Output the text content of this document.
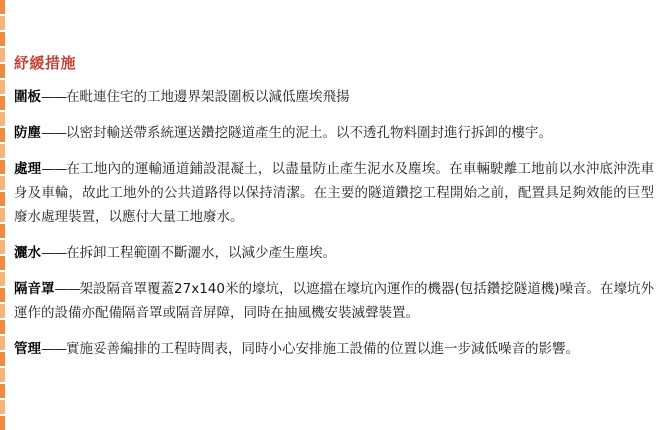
紓緩措施

圍板——在毗連住宅的工地邊界架設圍板以減低塵埃飛揚

防塵——以密封輸送帶系統運送鑽挖隧道產生的泥土。以不透孔物料圍封進行拆卸的樓宇。

處理——在工地內的運輸通道鋪設混凝土，以盡量防止產生泥水及塵埃。在車輛駛離工地前以水沖底沖洗車身及車輪，故此工地外的公共道路得以保持清潔。在主要的隧道鑽挖工程開始之前，配置具足夠效能的巨型廢水處理裝置，以應付大量工地廢水。

灑水——在拆卸工程範圍不斷灑水，以減少產生塵埃。

隔音罩——架設隔音罩覆蓋27x140米的壕坑，以遮擋在壕坑內運作的機器(包括鑽挖隧道機)噪音。在壕坑外運作的設備亦配備隔音罩或隔音屏障，同時在抽風機安裝滅聲裝置。

管理——實施妥善編排的工程時間表，同時小心安排施工設備的位置以進一步減低噪音的影響。
